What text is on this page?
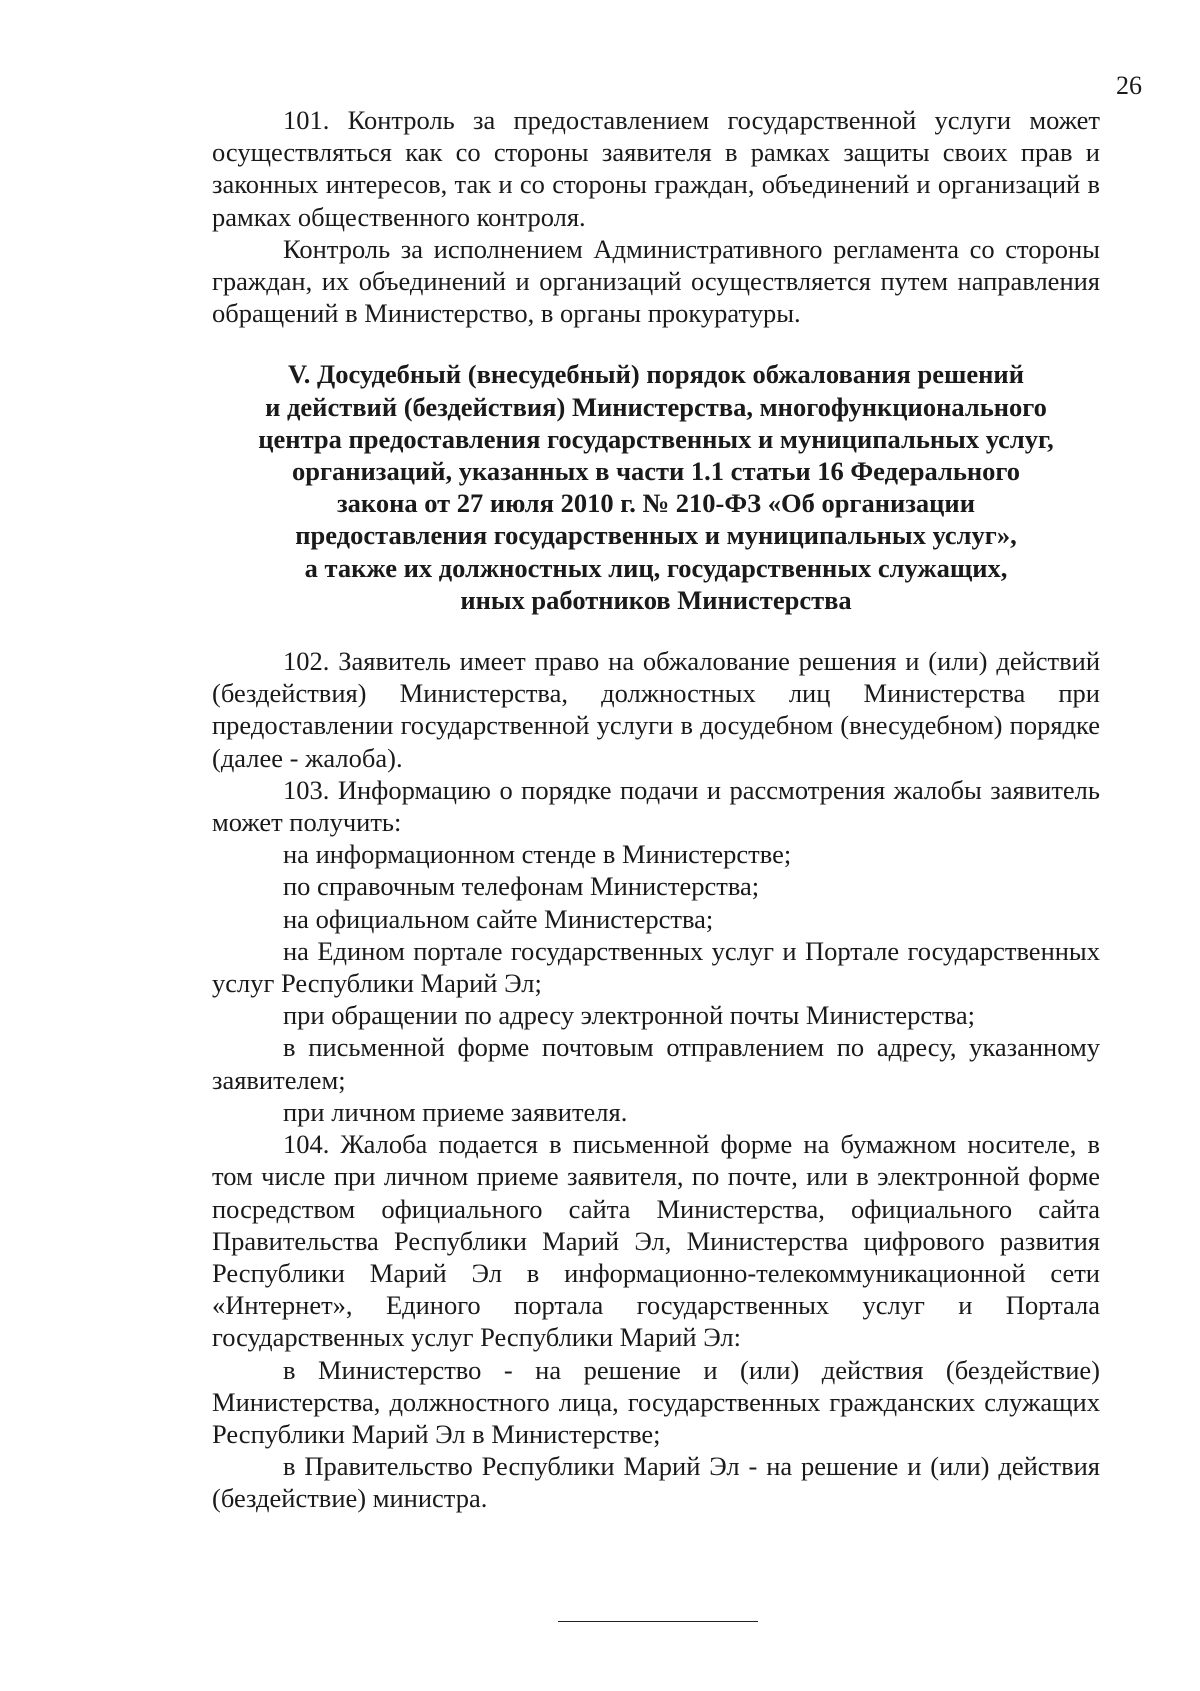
26

101. Контроль за предоставлением государственной услуги может осуществляться как со стороны заявителя в рамках защиты своих прав и законных интересов, так и со стороны граждан, объединений и организаций в рамках общественного контроля.

Контроль за исполнением Административного регламента со стороны граждан, их объединений и организаций осуществляется путем направления обращений в Министерство, в органы прокуратуры.

V. Досудебный (внесудебный) порядок обжалования решений
и действий (бездействия) Министерства, многофункционального
центра предоставления государственных и муниципальных услуг,
организаций, указанных в части 1.1 статьи 16 Федерального
закона от 27 июля 2010 г. № 210-ФЗ «Об организации
предоставления государственных и муниципальных услуг»,
а также их должностных лиц, государственных служащих,
иных работников Министерства

102. Заявитель имеет право на обжалование решения и (или) действий (бездействия) Министерства, должностных лиц Министерства при предоставлении государственной услуги в досудебном (внесудебном) порядке (далее - жалоба).

103. Информацию о порядке подачи и рассмотрения жалобы заявитель может получить:

на информационном стенде в Министерстве;

по справочным телефонам Министерства;

на официальном сайте Министерства;

на Едином портале государственных услуг и Портале государственных услуг Республики Марий Эл;

при обращении по адресу электронной почты Министерства;

в письменной форме почтовым отправлением по адресу, указанному заявителем;

при личном приеме заявителя.

104. Жалоба подается в письменной форме на бумажном носителе, в том числе при личном приеме заявителя, по почте, или в электронной форме посредством официального сайта Министерства, официального сайта Правительства Республики Марий Эл, Министерства цифрового развития Республики Марий Эл в информационно-телекоммуникационной сети «Интернет», Единого портала государственных услуг и Портала государственных услуг Республики Марий Эл:

в Министерство - на решение и (или) действия (бездействие) Министерства, должностного лица, государственных гражданских служащих Республики Марий Эл в Министерстве;

в Правительство Республики Марий Эл - на решение и (или) действия (бездействие) министра.
